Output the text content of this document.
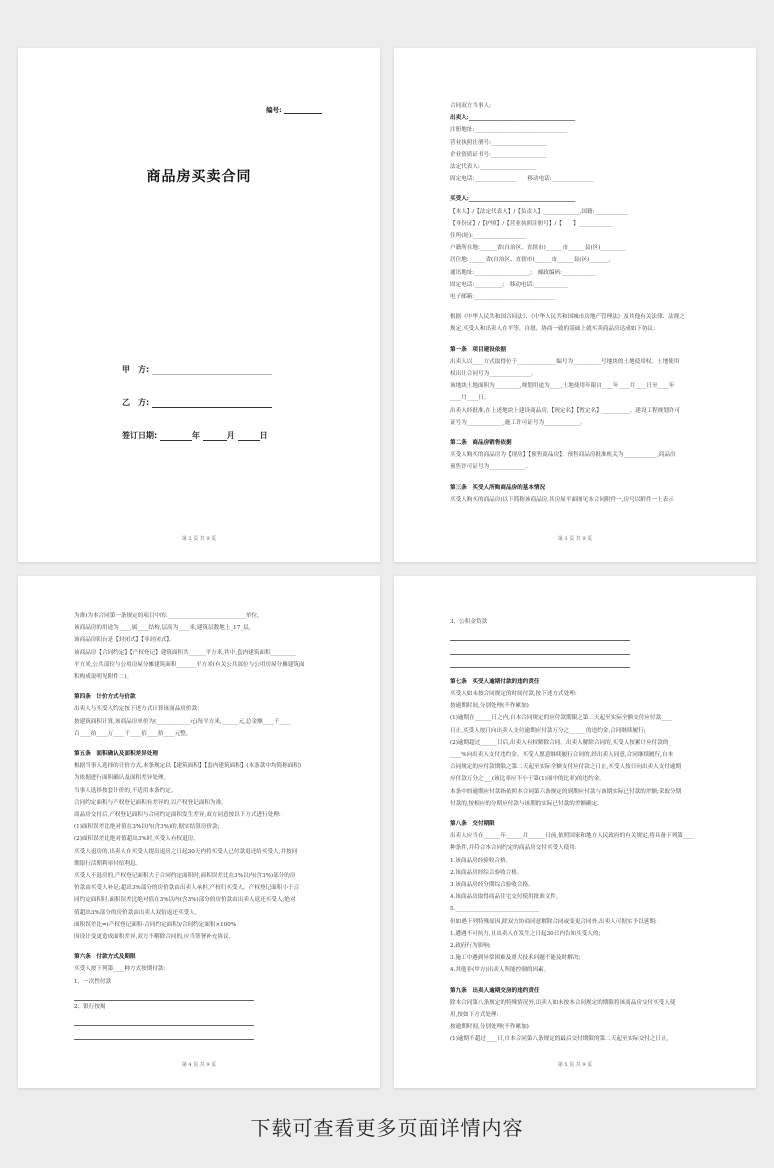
编号:
商品房买卖合同
甲　方:
乙　方:
签订日期:	年	月	日
第 2 页 共 9 页

合同双方当事人:

出卖人:______________________________________

注册地址:_________________________________

营业执照注册号:____________________

企业资质证书号:____________________

法定代表人:____________________

固定电话:_______________　　移动电话:_______________

买受人:______________________________________

【本人】/【法定代表人】/【负责人】_____________,国籍:____________

【身份证】/【护照】/【营业执照注册号】/【　　】____________

住所(址):___________________

户籍所在地:______省(自治区、直辖市)______市______县(区)_________

居住地:______省(自治区、直辖市)______市______县(区)_______,

通讯地址:____________________;　邮政编码:____________

固定电话:__________;　移动电话:____________

电子邮箱:_____________________________

根据《中华人民共和国合同法》、《中华人民共和国城市房地产管理法》及其他有关法律、法规之

规定,买受人和出卖人在平等、自愿、协商一致的基础上就买卖商品房达成如下协议:

第一条　项目建设依据

出卖人以____方式取得位于______________编号为__________号地块的土地使用权。土地使用

权出让合同号为_______________。

该地块土地面积为_________,规划用途为____,土地使用年限自____年____月____日至____年

____月____日。

出卖人经批准,在上述地块上建设商品房,【现定名】【暂定名】__________。建设工程规划许可

证号为_____________,施工许可证号为_____________。

第二条　商品房销售依据

买受人购买的商品房为【现房】【预售商品房】。预售商品房批准机关为____________,商品房

预售许可证号为_____________。

第三条　买受人所购商品房的基本情况

买受人购买的商品房(以下简称该商品房,其房屋平面图见本合同附件一,房号以附件一上表示

第 3 页 共 9 页

为准)为本合同第一条规定的项目中的:____________________________单位。

该商品房的用途为____,属____结构,层高为____米,建筑层数地上_17_层,

该商品房阳台是【封闭式】【非封闭式】。

该商品房【合同约定】【产权登记】建筑面积共______平方米,其中,套内建筑面积_________

平方米,公共部位与公用房屋分摊建筑面积_______平方米(有关公共部位与公用房屋分摊建筑面

积构成说明见附件二)。

第四条　计价方式与价款

出卖人与买受人约定按下述方式计算该商品房价款:

按建筑面积计算,该商品房单价为(____________元)每平方米,______元,总金额____千____

百____拾____万____千____佰____拾____元整。

第五条　面积确认及面积差异处理

根据当事人选择的计价方式,本条规定以【建筑面积】【套内建筑面积】(本条款中均简称面积)

为依据进行面积确认及面积差异处理。

当事人选择按套计价的,不适用本条约定。

合同约定面积与产权登记面积有差异的,以产权登记面积为准。

商品房交付后,产权登记面积与合同约定面积发生差异,双方同意按以下方式进行处理:

(1)面积误差比绝对值在3%以内(含3%)的,据实结算房价款;

(2)面积误差比绝对值超出3%时,买受人有权退房。

买受人退房的,出卖人在买受人提出退房之日起30天内将买受人已付款退还给买受人,并按同

期银行活期利率付给利息。

买受人不退房的,产权登记面积大于合同约定面积时,面积误差比在3%以内(含3%)部分的房

价款由买受人补足;超出3%部分的房价款由出卖人承担,产权归买受人。产权登记面积小于合

同约定面积时,面积误差比绝对值在3%以内(含3%)部分的房价款由出卖人返还买受人;绝对

值超出3%部分的房价款由出卖人双倍返还买受人。

面积误差比=(产权登记面积-合同约定面积)/合同约定面积×100%

因设计变更造成面积差异,双方不解除合同的,应当签署补充协议。

第六条　付款方式及期限

买受人按下列第____种方式按期付款:

1、一次性付款

2、银行按揭

第 4 页 共 9 页

3、公积金贷款

第七条　买受人逾期付款的违约责任

买受人如未按合同规定的时间付款,按下述方式处理:

按逾期时间,分别处理(不作累加)

(1)逾期在______日之内,自本合同规定的应付款期限之第二天起至实际全额支付应付款____

日止,买受人按日向出卖人支付逾期应付款万分之______的违约金,合同继续履行;

(2)逾期超过______日后,出卖人有权解除合同。出卖人解除合同的,买受人按累计应付款的_

____%向出卖人支付违约金。买受人愿意继续履行合同的,经出卖人同意,合同继续履行,自本

合同规定的应付款期限之第二天起至实际全额支付应付款之日止,买受人按日向出卖人支付逾期

应付款万分之___(该比率应不小于第(1)项中的比率)的违约金。

本条中的逾期应付款指依照本合同第六条规定的到期应付款与该期实际已付款的差额;采取分期

付款的,按相应的分期应付款与该期的实际已付款的差额确定。

第八条　交付期限

出卖人应当在______年______月______日前,依照国家和地方人民政府的有关规定,将具备下列第____

种条件,并符合本合同约定的商品房交付买受人使用:

1.该商品房经验收合格。

2.该商品房经综合验收合格。

3.该商品房经分期综合验收合格。

4.该商品房取得商品住宅交付使用批准文件。

5.______________________________

但如遇下列特殊原因,除双方协商同意解除合同或变更合同外,出卖人可据实予以延期:

1.遭遇不可抗力,且出卖人在发生之日起30日内告知买受人的;

2.政府行为影响;

3.施工中遇到异常困难及重大技术问题不能及时解决;

4.其他非(甲方)出卖人所能控制的因素。

第九条　出卖人逾期交房的违约责任

除本合同第八条规定的特殊情况外,出卖人如未按本合同规定的期限将该商品房交付买受人使

用,按如下方式处理:

按逾期时间,分别处理(不作累加)

(1)逾期不超过____日,自本合同第八条规定的最后交付期限的第二天起至实际交付之日止,

第 5 页 共 9 页
下载可查看更多页面详情内容
